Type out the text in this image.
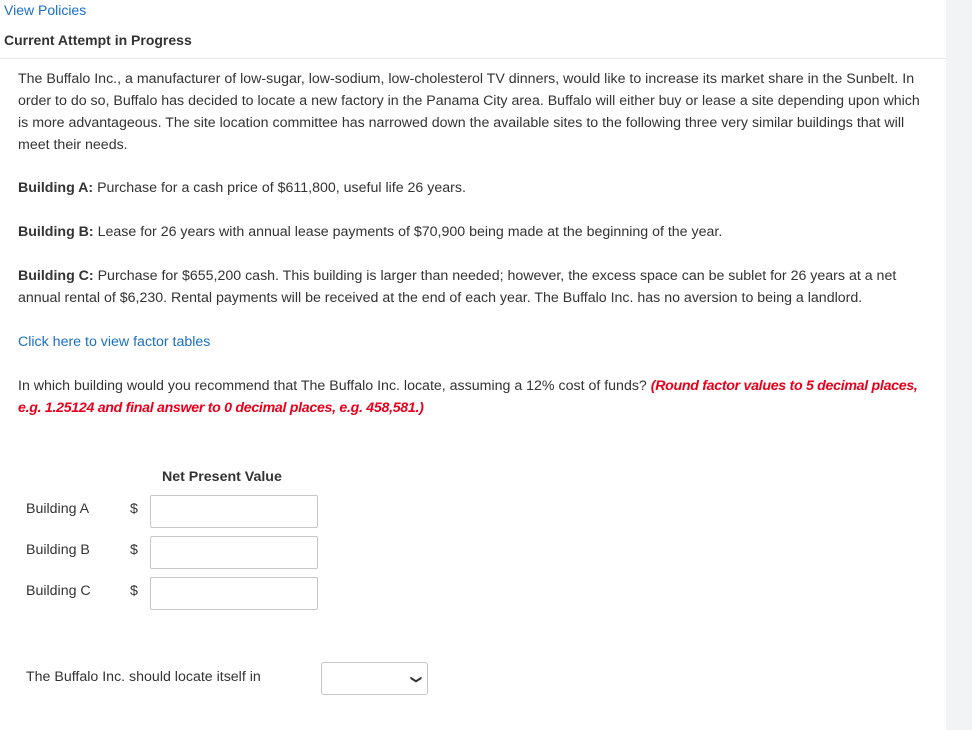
View Policies
Current Attempt in Progress

The Buffalo Inc., a manufacturer of low-sugar, low-sodium, low-cholesterol TV dinners, would like to increase its market share in the Sunbelt. In order to do so, Buffalo has decided to locate a new factory in the Panama City area. Buffalo will either buy or lease a site depending upon which is more advantageous. The site location committee has narrowed down the available sites to the following three very similar buildings that will meet their needs.

Building A: Purchase for a cash price of $611,800, useful life 26 years.

Building B: Lease for 26 years with annual lease payments of $70,900 being made at the beginning of the year.

Building C: Purchase for $655,200 cash. This building is larger than needed; however, the excess space can be sublet for 26 years at a net annual rental of $6,230. Rental payments will be received at the end of each year. The Buffalo Inc. has no aversion to being a landlord.

Click here to view factor tables

In which building would you recommend that The Buffalo Inc. locate, assuming a 12% cost of funds? (Round factor values to 5 decimal places, e.g. 1.25124 and final answer to 0 decimal places, e.g. 458,581.)

Net Present Value
Building A	$
Building B	$
Building C	$
The Buffalo Inc. should locate itself in	❯
